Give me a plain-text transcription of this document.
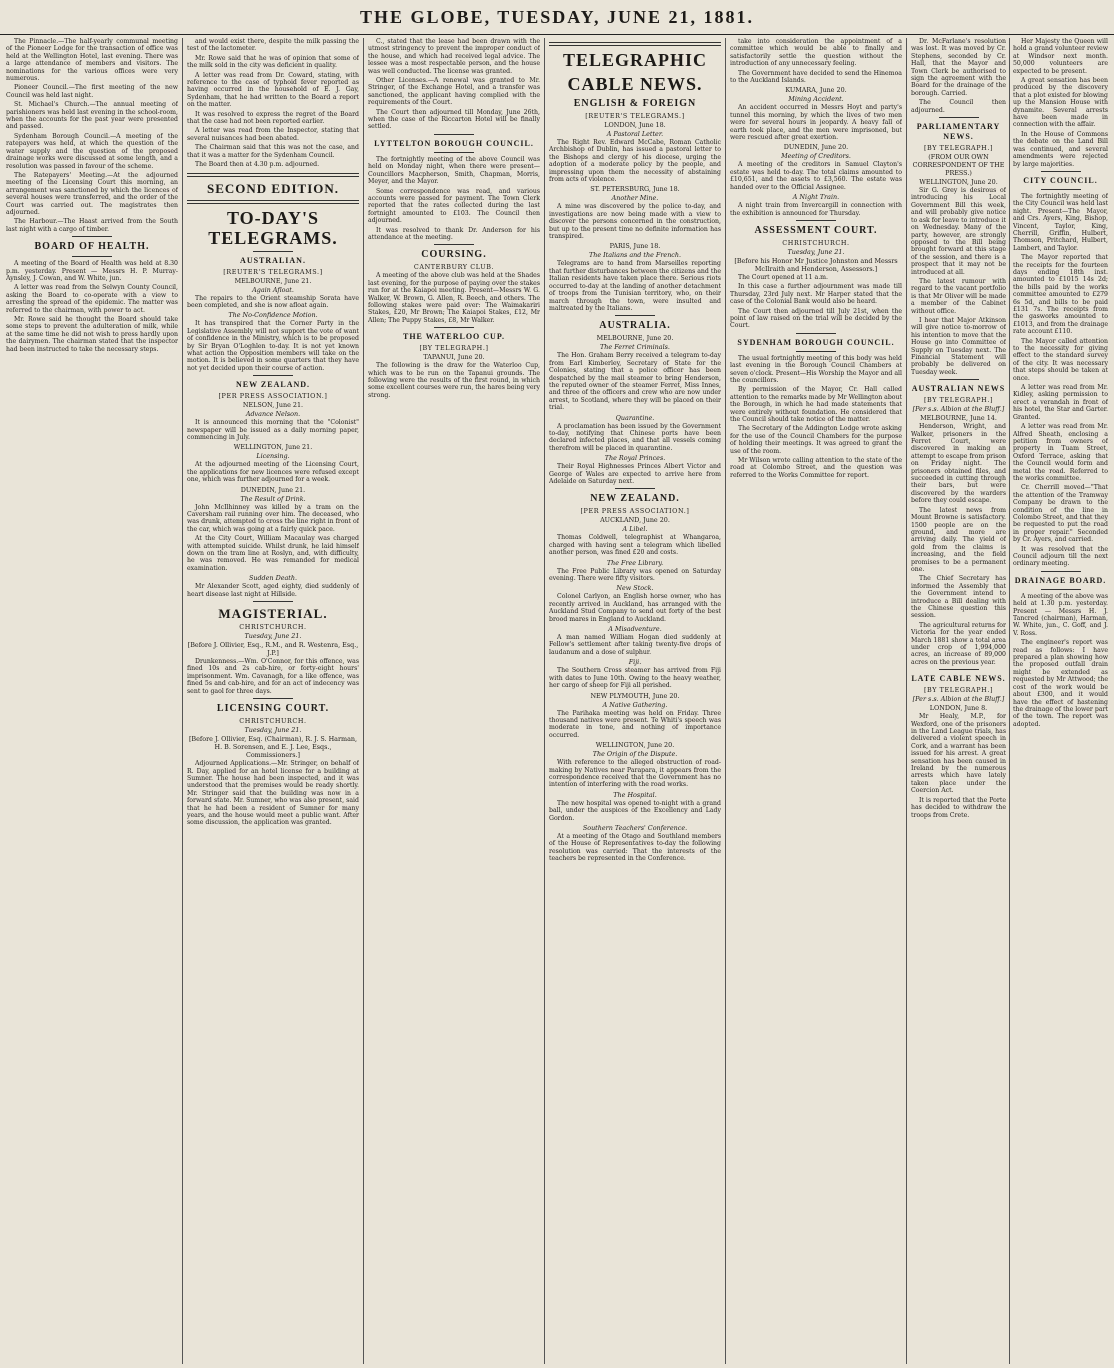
THE GLOBE, TUESDAY, JUNE 21, 1881.

The Pinnacle.—The half-yearly communal meeting of the Pioneer Lodge for the transaction of office was held at the Wellington Hotel, last evening. There was a large attendance of members and visitors. The nominations for the various offices were very numerous.

Pioneer Council.—The first meeting of the new Council was held last night.

St. Michael's Church.—The annual meeting of parishioners was held last evening in the school-room, when the accounts for the past year were presented and passed.

Sydenham Borough Council.—A meeting of the ratepayers was held, at which the question of the water supply and the question of the proposed drainage works were discussed at some length, and a resolution was passed in favour of the scheme.

The Ratepayers' Meeting.—At the adjourned meeting of the Licensing Court this morning, an arrangement was sanctioned by which the licences of several houses were transferred, and the order of the Court was carried out. The magistrates then adjourned.

The Harbour.—The Haast arrived from the South last night with a cargo of timber.

BOARD OF HEALTH.

A meeting of the Board of Health was held at 8.30 p.m. yesterday. Present — Messrs H. P. Murray-Aynsley, J. Cowan, and W. White, jun.

A letter was read from the Selwyn County Council, asking the Board to co-operate with a view to arresting the spread of the epidemic. The matter was referred to the chairman, with power to act.

Mr. Rowe said he thought the Board should take some steps to prevent the adulteration of milk, while at the same time he did not wish to press hardly upon the dairymen. The chairman stated that the inspector had been instructed to take the necessary steps.

and would exist there, despite the milk passing the test of the lactometer.

Mr. Rowe said that he was of opinion that some of the milk sold in the city was deficient in quality.

A letter was read from Dr. Coward, stating, with reference to the case of typhoid fever reported as having occurred in the household of E. J. Gay, Sydenham, that he had written to the Board a report on the matter.

It was resolved to express the regret of the Board that the case had not been reported earlier.

A letter was read from the Inspector, stating that several nuisances had been abated.

The Chairman said that this was not the case, and that it was a matter for the Sydenham Council.

The Board then at 4.30 p.m. adjourned.

SECOND EDITION.
TO-DAY'S TELEGRAMS.
AUSTRALIAN.
[REUTER'S TELEGRAMS.]
MELBOURNE, June 21.
Again Afloat.

The repairs to the Orient steamship Sorata have been completed, and she is now afloat again.

The No-Confidence Motion.

It has transpired that the Corner Party in the Legislative Assembly will not support the vote of want of confidence in the Ministry, which is to be proposed by Sir Bryan O'Loghlen to-day. It is not yet known what action the Opposition members will take on the motion. It is believed in some quarters that they have not yet decided upon their course of action.

NEW ZEALAND.
[PER PRESS ASSOCIATION.]
NELSON, June 21.
Advance Nelson.

It is announced this morning that the "Colonist" newspaper will be issued as a daily morning paper, commencing in July.

WELLINGTON, June 21.
Licensing.

At the adjourned meeting of the Licensing Court, the applications for new licences were refused except one, which was further adjourned for a week.

DUNEDIN, June 21.
The Result of Drink.

John McIlhinney was killed by a tram on the Caversham rail running over him. The deceased, who was drunk, attempted to cross the line right in front of the car, which was going at a fairly quick pace.

At the City Court, William Macaulay was charged with attempted suicide. Whilst drunk, he laid himself down on the tram line at Roslyn, and, with difficulty, he was removed. He was remanded for medical examination.

Sudden Death.

Mr Alexander Scott, aged eighty, died suddenly of heart disease last night at Hillside.

MAGISTERIAL.
CHRISTCHURCH.
Tuesday, June 21.
[Before J. Ollivier, Esq., R.M., and R. Westenra, Esq., J.P.]

Drunkenness.—Wm. O'Connor, for this offence, was fined 10s and 2s cab-hire, or forty-eight hours' imprisonment. Wm. Cavanagh, for a like offence, was fined 5s and cab-hire, and for an act of indecency was sent to gaol for three days.

LICENSING COURT.
CHRISTCHURCH.
Tuesday, June 21.
[Before J. Ollivier, Esq. (Chairman), R. J. S. Harman, H. B. Sorensen, and E. J. Lee, Esqs., Commissioners.]

Adjourned Applications.—Mr. Stringer, on behalf of R. Day, applied for an hotel license for a building at Sumner. The house had been inspected, and it was understood that the premises would be ready shortly. Mr. Stringer said that the building was now in a forward state. Mr. Sumner, who was also present, said that he had been a resident of Sumner for many years, and the house would meet a public want. After some discussion, the application was granted.

C., stated that the lease had been drawn with the utmost stringency to prevent the improper conduct of the house, and which had received legal advice. The lessee was a most respectable person, and the house was well conducted. The license was granted.

Other Licenses.—A renewal was granted to Mr. Stringer, of the Exchange Hotel, and a transfer was sanctioned, the applicant having complied with the requirements of the Court.

The Court then adjourned till Monday, June 26th, when the case of the Riccarton Hotel will be finally settled.

LYTTELTON BOROUGH COUNCIL.

The fortnightly meeting of the above Council was held on Monday night, when there were present—Councillors Macpherson, Smith, Chapman, Morris, Meyer, and the Mayor.

Some correspondence was read, and various accounts were passed for payment. The Town Clerk reported that the rates collected during the last fortnight amounted to £103. The Council then adjourned.

It was resolved to thank Dr. Anderson for his attendance at the meeting.

COURSING.
CANTERBURY CLUB.

A meeting of the above club was held at the Shades last evening, for the purpose of paying over the stakes run for at the Kaiapoi meeting. Present—Messrs W. G. Walker, W. Brown, G. Allen, R. Beech, and others. The following stakes were paid over: The Waimakariri Stakes, £20, Mr Brown; The Kaiapoi Stakes, £12, Mr Allen; The Puppy Stakes, £8, Mr Walker.

THE WATERLOO CUP.
[BY TELEGRAPH.]
TAPANUI, June 20.

The following is the draw for the Waterloo Cup, which was to be run on the Tapanui grounds. The following were the results of the first round, in which some excellent courses were run, the hares being very strong.

TELEGRAPHIC
CABLE NEWS.
ENGLISH & FOREIGN
[REUTER'S TELEGRAMS.]
LONDON, June 18.
A Pastoral Letter.

The Right Rev. Edward McCabe, Roman Catholic Archbishop of Dublin, has issued a pastoral letter to the Bishops and clergy of his diocese, urging the adoption of a moderate policy by the people, and impressing upon them the necessity of abstaining from acts of violence.

ST. PETERSBURG, June 18.
Another Mine.

A mine was discovered by the police to-day, and investigations are now being made with a view to discover the persons concerned in the construction, but up to the present time no definite information has transpired.

PARIS, June 18.
The Italians and the French.

Telegrams are to hand from Marseilles reporting that further disturbances between the citizens and the Italian residents have taken place there. Serious riots occurred to-day at the landing of another detachment of troops from the Tunisian territory, who, on their march through the town, were insulted and maltreated by the Italians.

AUSTRALIA.
MELBOURNE, June 20.
The Ferret Criminals.

The Hon. Graham Berry received a telegram to-day from Earl Kimberley, Secretary of State for the Colonies, stating that a police officer has been despatched by the mail steamer to bring Henderson, the reputed owner of the steamer Ferret, Miss Innes, and three of the officers and crew who are now under arrest, to Scotland, where they will be placed on their trial.

Quarantine.

A proclamation has been issued by the Government to-day, notifying that Chinese ports have been declared infected places, and that all vessels coming therefrom will be placed in quarantine.

The Royal Princes.

Their Royal Highnesses Princes Albert Victor and George of Wales are expected to arrive here from Adelaide on Saturday next.

NEW ZEALAND.
[PER PRESS ASSOCIATION.]
AUCKLAND, June 20.
A Libel.

Thomas Coldwell, telegraphist at Whangaroa, charged with having sent a telegram which libelled another person, was fined £20 and costs.

The Free Library.

The Free Public Library was opened on Saturday evening. There were fifty visitors.

New Stock.

Colonel Carlyon, an English horse owner, who has recently arrived in Auckland, has arranged with the Auckland Stud Company to send out forty of the best brood mares in England to Auckland.

A Misadventure.

A man named William Hogan died suddenly at Fellow's settlement after taking twenty-five drops of laudanum and a dose of sulphur.

Fiji.

The Southern Cross steamer has arrived from Fiji with dates to June 10th. Owing to the heavy weather, her cargo of sheep for Fiji all perished.

NEW PLYMOUTH, June 20.
A Native Gathering.

The Parihaka meeting was held on Friday. Three thousand natives were present. Te Whiti's speech was moderate in tone, and nothing of importance occurred.

WELLINGTON, June 20.
The Origin of the Dispute.

With reference to the alleged obstruction of road-making by Natives near Parapara, it appears from the correspondence received that the Government has no intention of interfering with the road works.

The Hospital.

The new hospital was opened to-night with a grand ball, under the auspices of the Excellency and Lady Gordon.

Southern Teachers' Conference.

At a meeting of the Otago and Southland members of the House of Representatives to-day the following resolution was carried: That the interests of the teachers be represented in the Conference.

take into consideration the appointment of a committee which would be able to finally and satisfactorily settle the question without the introduction of any unnecessary feeling.

The Government have decided to send the Hinemoa to the Auckland Islands.

KUMARA, June 20.
Mining Accident.

An accident occurred in Messrs Hoyt and party's tunnel this morning, by which the lives of two men were for several hours in jeopardy. A heavy fall of earth took place, and the men were imprisoned, but were rescued after great exertion.

DUNEDIN, June 20.
Meeting of Creditors.

A meeting of the creditors in Samuel Clayton's estate was held to-day. The total claims amounted to £10,651, and the assets to £3,560. The estate was handed over to the Official Assignee.

A Night Train.

A night train from Invercargill in connection with the exhibition is announced for Thursday.

ASSESSMENT COURT.
CHRISTCHURCH.
Tuesday, June 21.
[Before his Honor Mr Justice Johnston and Messrs McIlraith and Henderson, Assessors.]

The Court opened at 11 a.m.

In this case a further adjournment was made till Thursday, 23rd July next. Mr Harper stated that the case of the Colonial Bank would also be heard.

The Court then adjourned till July 21st, when the point of law raised on the trial will be decided by the Court.

SYDENHAM BOROUGH COUNCIL.

The usual fortnightly meeting of this body was held last evening in the Borough Council Chambers at seven o'clock. Present—His Worship the Mayor and all the councillors.

By permission of the Mayor, Cr. Hall called attention to the remarks made by Mr Wellington about the Borough, in which he had made statements that were entirely without foundation. He considered that the Council should take notice of the matter.

The Secretary of the Addington Lodge wrote asking for the use of the Council Chambers for the purpose of holding their meetings. It was agreed to grant the use of the room.

Mr Wilson wrote calling attention to the state of the road at Colombo Street, and the question was referred to the Works Committee for report.

Dr. McFarlane's resolution was lost. It was moved by Cr. Stephens, seconded by Cr. Hall, that the Mayor and Town Clerk be authorised to sign the agreement with the Board for the drainage of the borough. Carried.

The Council then adjourned.

PARLIAMENTARY NEWS.
[BY TELEGRAPH.]
(FROM OUR OWN CORRESPONDENT OF THE PRESS.)
WELLINGTON, June 20.

Sir G. Grey is desirous of introducing his Local Government Bill this week, and will probably give notice to ask for leave to introduce it on Wednesday. Many of the party, however, are strongly opposed to the Bill being brought forward at this stage of the session, and there is a prospect that it may not be introduced at all.

The latest rumour with regard to the vacant portfolio is that Mr Oliver will be made a member of the Cabinet without office.

I hear that Major Atkinson will give notice to-morrow of his intention to move that the House go into Committee of Supply on Tuesday next. The Financial Statement will probably be delivered on Tuesday week.

AUSTRALIAN NEWS
[BY TELEGRAPH.]
[Per s.s. Albion at the Bluff.]
MELBOURNE, June 14.

Henderson, Wright, and Walker, prisoners in the Ferret Court, were discovered in making an attempt to escape from prison on Friday night. The prisoners obtained files, and succeeded in cutting through their bars, but were discovered by the warders before they could escape.

The latest news from Mount Browne is satisfactory. 1500 people are on the ground, and more are arriving daily. The yield of gold from the claims is increasing, and the field promises to be a permanent one.

The Chief Secretary has informed the Assembly that the Government intend to introduce a Bill dealing with the Chinese question this session.

The agricultural returns for Victoria for the year ended March 1881 show a total area under crop of 1,994,000 acres, an increase of 89,000 acres on the previous year.

LATE CABLE NEWS.
[BY TELEGRAPH.]
[Per s.s. Albion at the Bluff.]
LONDON, June 8.

Mr Healy, M.P., for Wexford, one of the prisoners in the Land League trials, has delivered a violent speech in Cork, and a warrant has been issued for his arrest. A great sensation has been caused in Ireland by the numerous arrests which have lately taken place under the Coercion Act.

It is reported that the Porte has decided to withdraw the troops from Crete.

Her Majesty the Queen will hold a grand volunteer review at Windsor next month. 50,000 volunteers are expected to be present.

A great sensation has been produced by the discovery that a plot existed for blowing up the Mansion House with dynamite. Several arrests have been made in connection with the affair.

In the House of Commons the debate on the Land Bill was continued, and several amendments were rejected by large majorities.

CITY COUNCIL.

The fortnightly meeting of the City Council was held last night. Present—The Mayor, and Crs. Ayers, King, Bishop, Vincent, Taylor, King, Cherrill, Griffin, Hulbert, Thomson, Pritchard, Hulbert, Lambert, and Taylor.

The Mayor reported that the receipts for the fourteen days ending 18th inst. amounted to £1015 14s 2d; the bills paid by the works committee amounted to £279 6s 5d, and bills to be paid £131 7s. The receipts from the gasworks amounted to £1013, and from the drainage rate account £110.

The Mayor called attention to the necessity for giving effect to the standard survey of the city. It was necessary that steps should be taken at once.

A letter was read from Mr. Kidley, asking permission to erect a verandah in front of his hotel, the Star and Garter. Granted.

A letter was read from Mr. Alfred Sheath, enclosing a petition from owners of property in Tuam Street, Oxford Terrace, asking that the Council would form and metal the road. Referred to the works committee.

Cr. Cherrill moved—"That the attention of the Tramway Company be drawn to the condition of the line in Colombo Street, and that they be requested to put the road in proper repair." Seconded by Cr. Ayers, and carried.

It was resolved that the Council adjourn till the next ordinary meeting.

DRAINAGE BOARD.

A meeting of the above was held at 1.30 p.m. yesterday. Present — Messrs H. J. Tancred (chairman), Harman, W. White, jun., C. Goff, and J. V. Ross.

The engineer's report was read as follows: I have prepared a plan showing how the proposed outfall drain might be extended as requested by Mr Attwood; the cost of the work would be about £300, and it would have the effect of hastening the drainage of the lower part of the town. The report was adopted.
